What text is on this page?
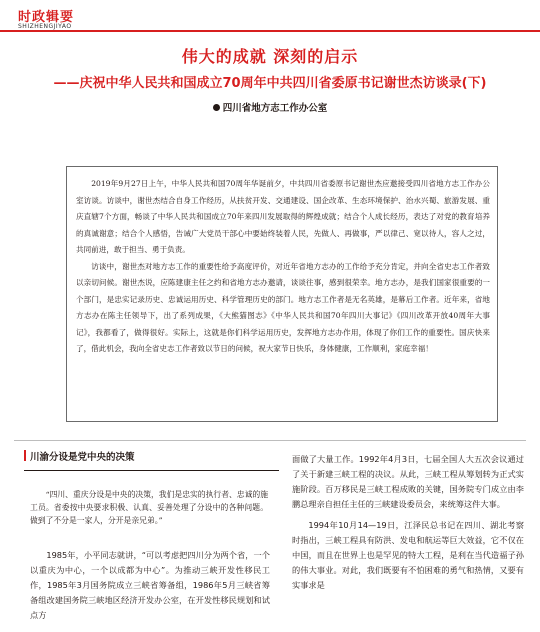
时政辑要
SHIZHENGJIYAO
伟大的成就 深刻的启示
——庆祝中华人民共和国成立70周年中共四川省委原书记谢世杰访谈录(下)
四川省地方志工作办公室

2019年9月27日上午，中华人民共和国70周年华诞前夕，中共四川省委原书记谢世杰应邀接受四川省地方志工作办公室访谈。访谈中，谢世杰结合自身工作经历，从扶贫开发、交通建设、国企改革、生态环境保护、治水兴蜀、旅游发展、重庆直辖7个方面，畅谈了中华人民共和国成立70年来四川发展取得的辉煌成就；结合个人成长经历，表达了对党的教育培养的真诚谢意；结合个人感悟，告诫广大党员干部心中要始终装着人民，先做人、再做事，严以律己、宽以待人，容人之过，共同前进，敢于担当、勇于负责。

访谈中，谢世杰对地方志工作的重要性给予高度评价，对近年省地方志办的工作给予充分肯定，并向全省史志工作者致以亲切问候。谢世杰说，应陈建康主任之约和省地方志办邀请，谈谈往事，感到很荣幸。地方志办，是我们国家很重要的一个部门，是忠实记录历史、忠诚运用历史、科学管理历史的部门。地方志工作者是无名英雄，是幕后工作者。近年来，省地方志办在陈主任领导下，出了系列成果，《大熊猫图志》《中华人民共和国70年四川大事记》《四川改革开放40周年大事记》，我都看了，做得很好。实际上，这就是你们科学运用历史，发挥地方志办作用，体现了你们工作的重要性。国庆快来了，借此机会，我向全省史志工作者致以节日的问候，祝大家节日快乐，身体健康，工作顺利，家庭幸福！

川渝分设是党中央的决策
“四川、重庆分设是中央的决策，我们是忠实的执行者、忠诚的施工员。省委按中央要求积极、认真、妥善处理了分设中的各种问题。做到了不分是一家人，分开是亲兄弟。”

1985年，小平同志就讲，“可以考虑把四川分为两个省，一个以重庆为中心，一个以成都为中心”。为推动三峡开发性移民工作，1985年3月国务院成立三峡省筹备组，1986年5月三峡省筹备组改建国务院三峡地区经济开发办公室，在开发性移民规划和试点方

面做了大量工作。1992年4月3日，七届全国人大五次会议通过了关于新建三峡工程的决议。从此，三峡工程从筹划转为正式实施阶段。百万移民是三峡工程成败的关键，国务院专门成立由李鹏总理亲自担任主任的三峡建设委员会，来统筹这件大事。

1994年10月14—19日，江泽民总书记在四川、湖北考察时指出，三峡工程具有防洪、发电和航运等巨大效益，它不仅在中国，而且在世界上也是罕见的特大工程，是利在当代造福子孙的伟大事业。对此，我们既要有不怕困难的勇气和热情，又要有实事求是
